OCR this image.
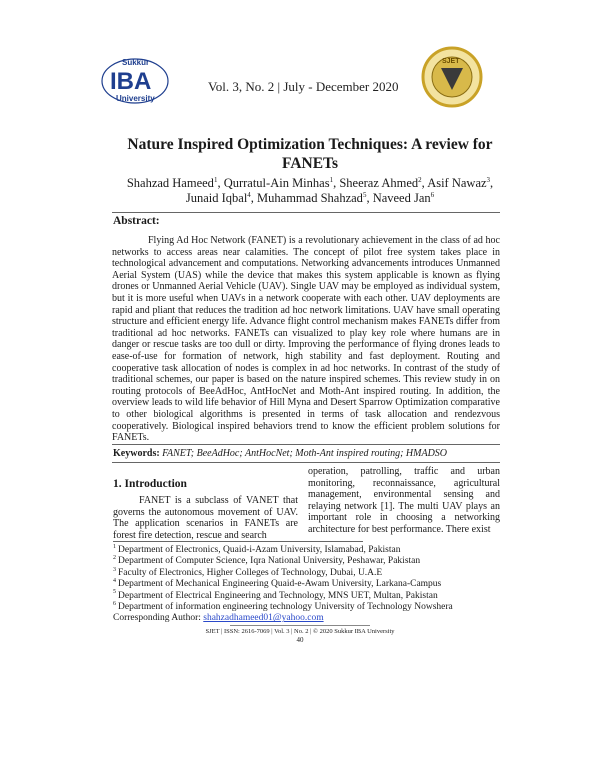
Sukkur
IBA
University
Vol. 3, No. 2 | July - December 2020
SJET
Nature Inspired Optimization Techniques: A review for
FANETs
Shahzad Hameed$^1$, Qurratul-Ain Minhas$^1$, Sheeraz Ahmed$^2$, Asif Nawaz$^3$,
Junaid Iqbal$^4$, Muhammad Shahzad$^5$, Naveed Jan$^6$
Abstract:

Flying Ad Hoc Network (FANET) is a revolutionary achievement in the class of ad hoc networks to access areas near calamities. The concept of pilot free system takes place in technological advancement and computations. Networking advancements introduces Unmanned Aerial System (UAS) while the device that makes this system applicable is known as flying drones or Unmanned Aerial Vehicle (UAV). Single UAV may be employed as individual system, but it is more useful when UAVs in a network cooperate with each other. UAV deployments are rapid and pliant that reduces the tradition ad hoc network limitations. UAV have small operating structure and efficient energy life. Advance flight control mechanism makes FANETs differ from traditional ad hoc networks. FANETs can visualized to play key role where humans are in danger or rescue tasks are too dull or dirty. Improving the performance of flying drones leads to ease-of-use for formation of network, high stability and fast deployment. Routing and cooperative task allocation of nodes is complex in ad hoc networks. In contrast of the study of traditional schemes, our paper is based on the nature inspired schemes. This review study in on routing protocols of BeeAdHoc, AntHocNet and Moth-Ant inspired routing. In addition, the overview leads to wild life behavior of Hill Myna and Desert Sparrow Optimization comparative to other biological algorithms is presented in terms of task allocation and rendezvous cooperatively. Biological inspired behaviors trend to know the efficient problem solutions for FANETs.

Keywords: FANET; BeeAdHoc; AntHocNet; Moth-Ant inspired routing; HMADSO
1. Introduction

FANET is a subclass of VANET that governs the autonomous movement of UAV. The application scenarios in FANETs are forest fire detection, rescue and search

operation, patrolling, traffic and urban monitoring, reconnaissance, agricultural management, environmental sensing and relaying network [1]. The multi UAV plays an important role in choosing a networking architecture for best performance. There exist

$^1$ Department of Electronics, Quaid-i-Azam University, Islamabad, Pakistan
$^2$ Department of Computer Science, Iqra National University, Peshawar, Pakistan
$^3$ Faculty of Electronics, Higher Colleges of Technology, Dubai, U.A.E
$^4$ Department of Mechanical Engineering Quaid-e-Awam University, Larkana-Campus
$^5$ Department of Electrical Engineering and Technology, MNS UET, Multan, Pakistan
$^6$ Department of information engineering technology University of Technology Nowshera
Corresponding Author: shahzadhameed01@yahoo.com
SJET | ISSN: 2616-7069 | Vol. 3 | No. 2 | © 2020 Sukkur IBA University
40
